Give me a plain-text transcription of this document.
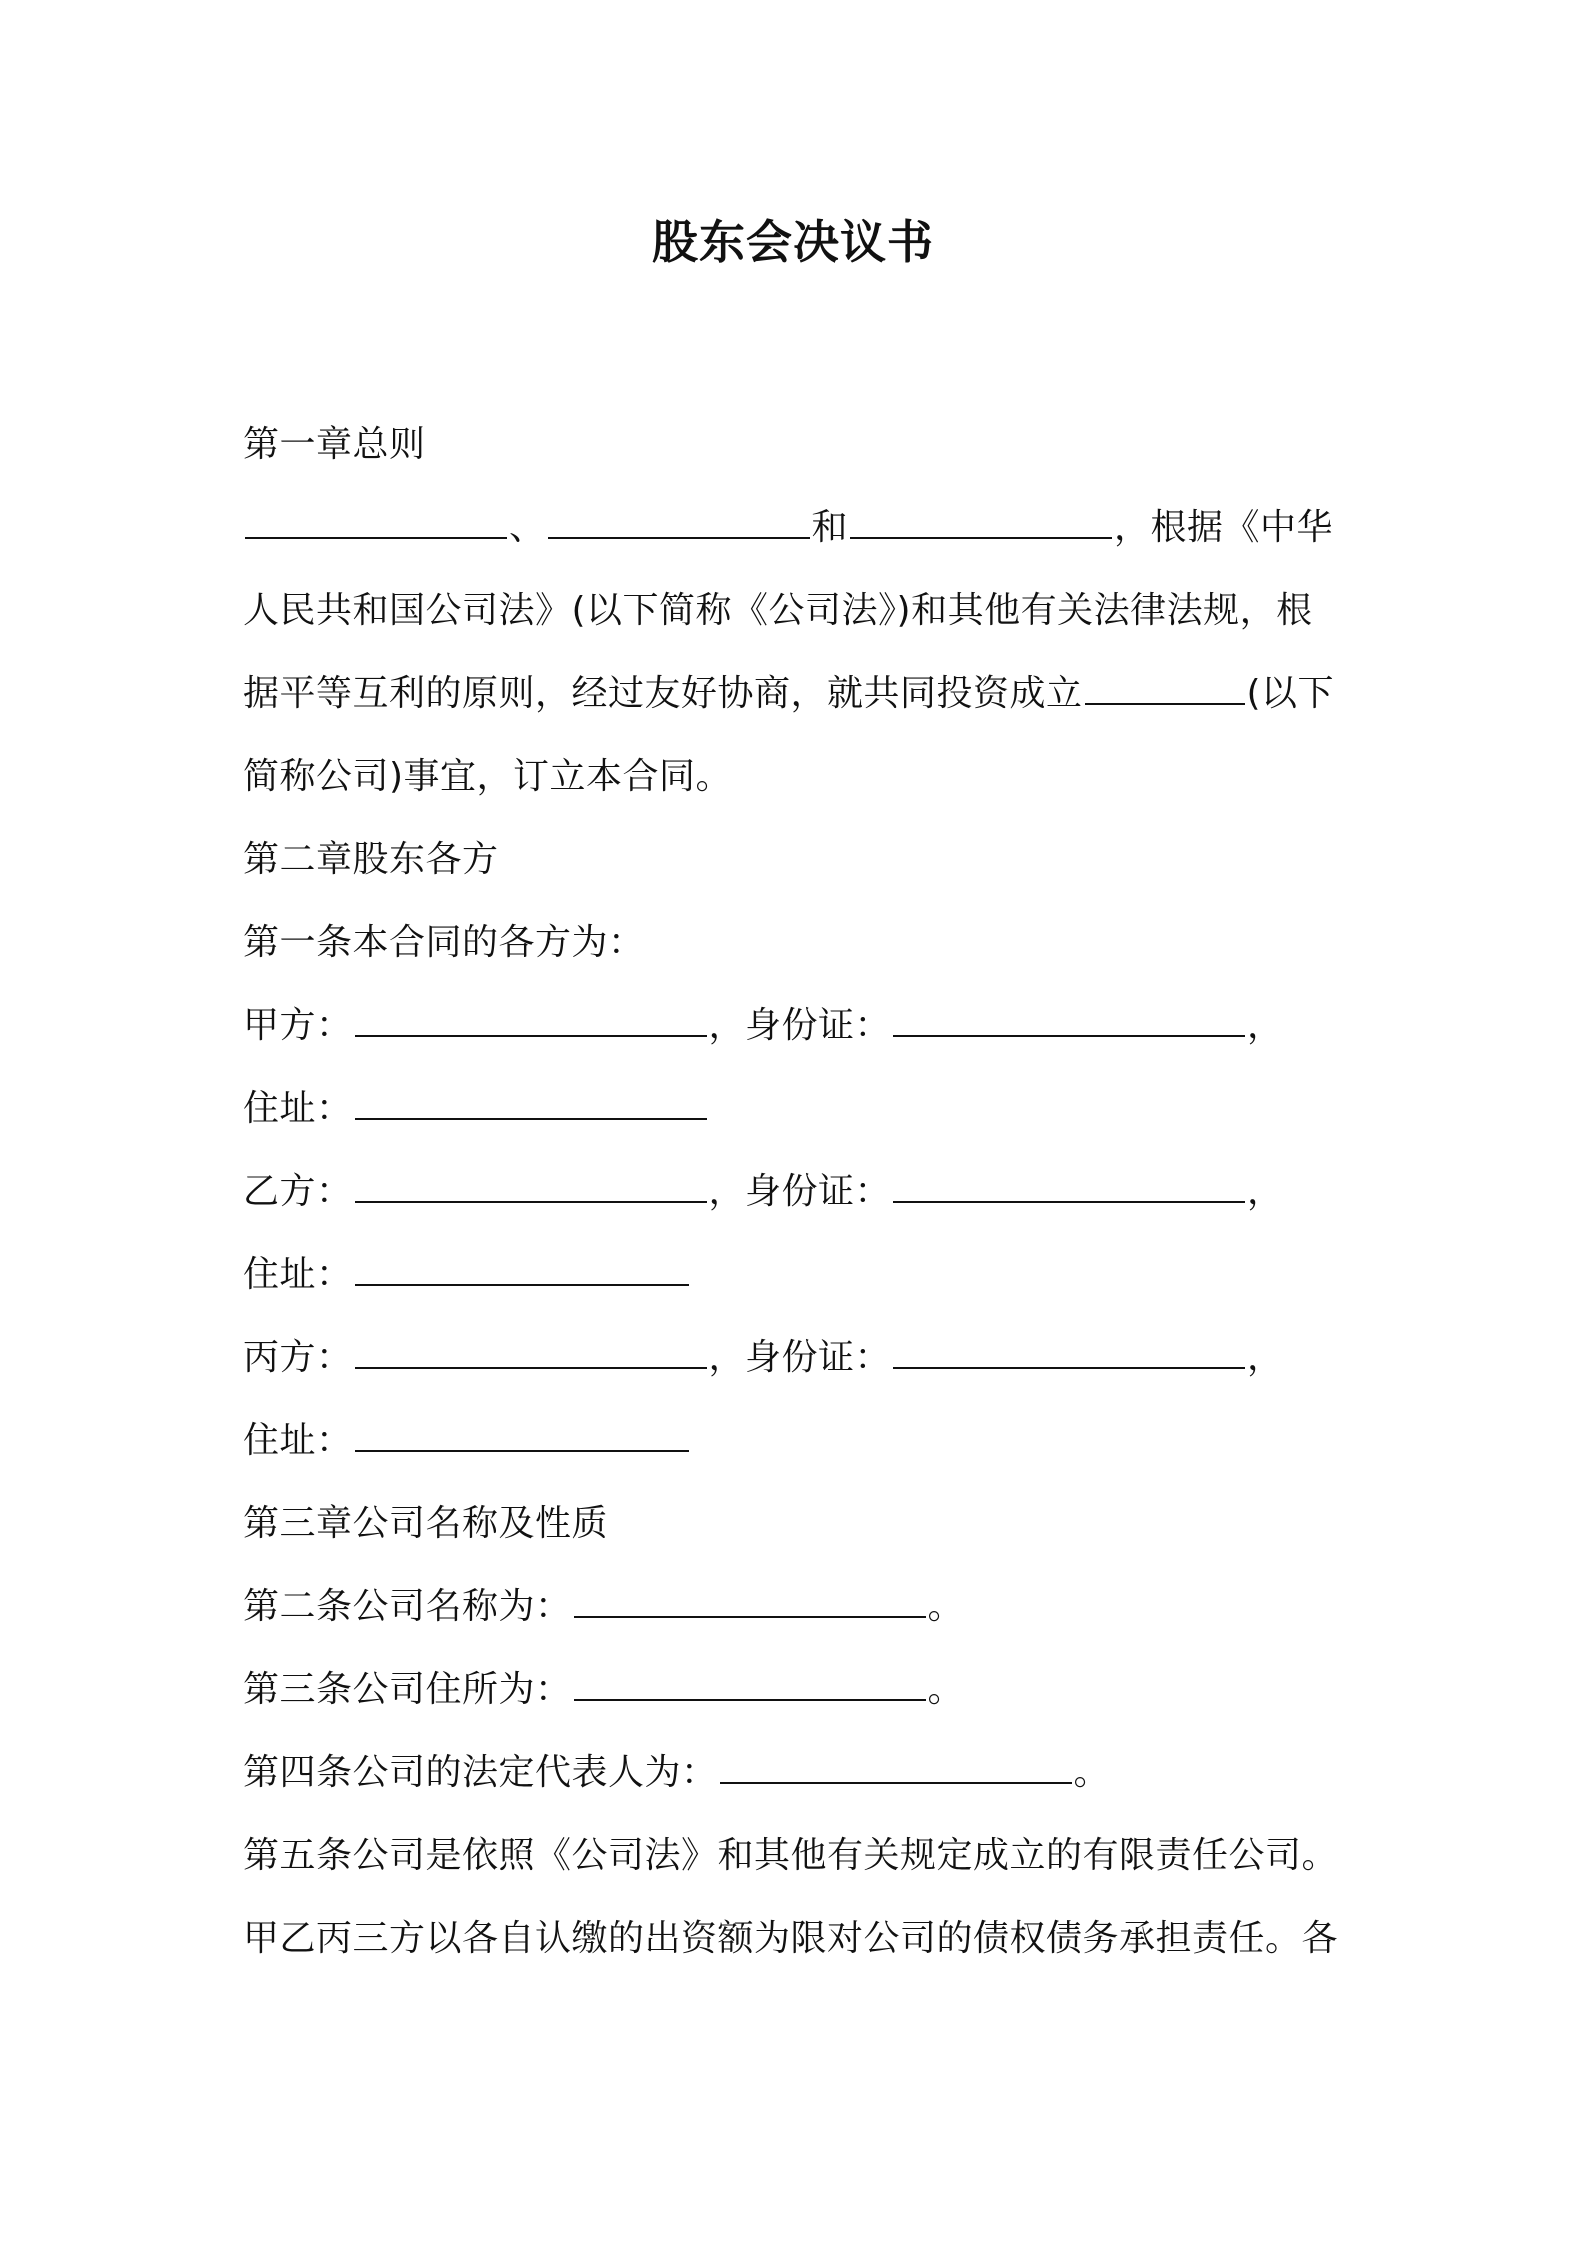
股东会决议书
第一章总则
、	和	，根据《中华
人民共和国公司法》(以下简称《公司法》)和其他有关法律法规，根
据平等互利的原则，经过友好协商，就共同投资成立	(以下
简称公司)事宜，订立本合同。
第二章股东各方
第一条本合同的各方为：
甲方：	，身份证：	，
住址：
乙方：	，身份证：	，
住址：
丙方：	，身份证：	，
住址：
第三章公司名称及性质
第二条公司名称为：	。
第三条公司住所为：	。
第四条公司的法定代表人为：	。
第五条公司是依照《公司法》和其他有关规定成立的有限责任公司。
甲乙丙三方以各自认缴的出资额为限对公司的债权债务承担责任。各
